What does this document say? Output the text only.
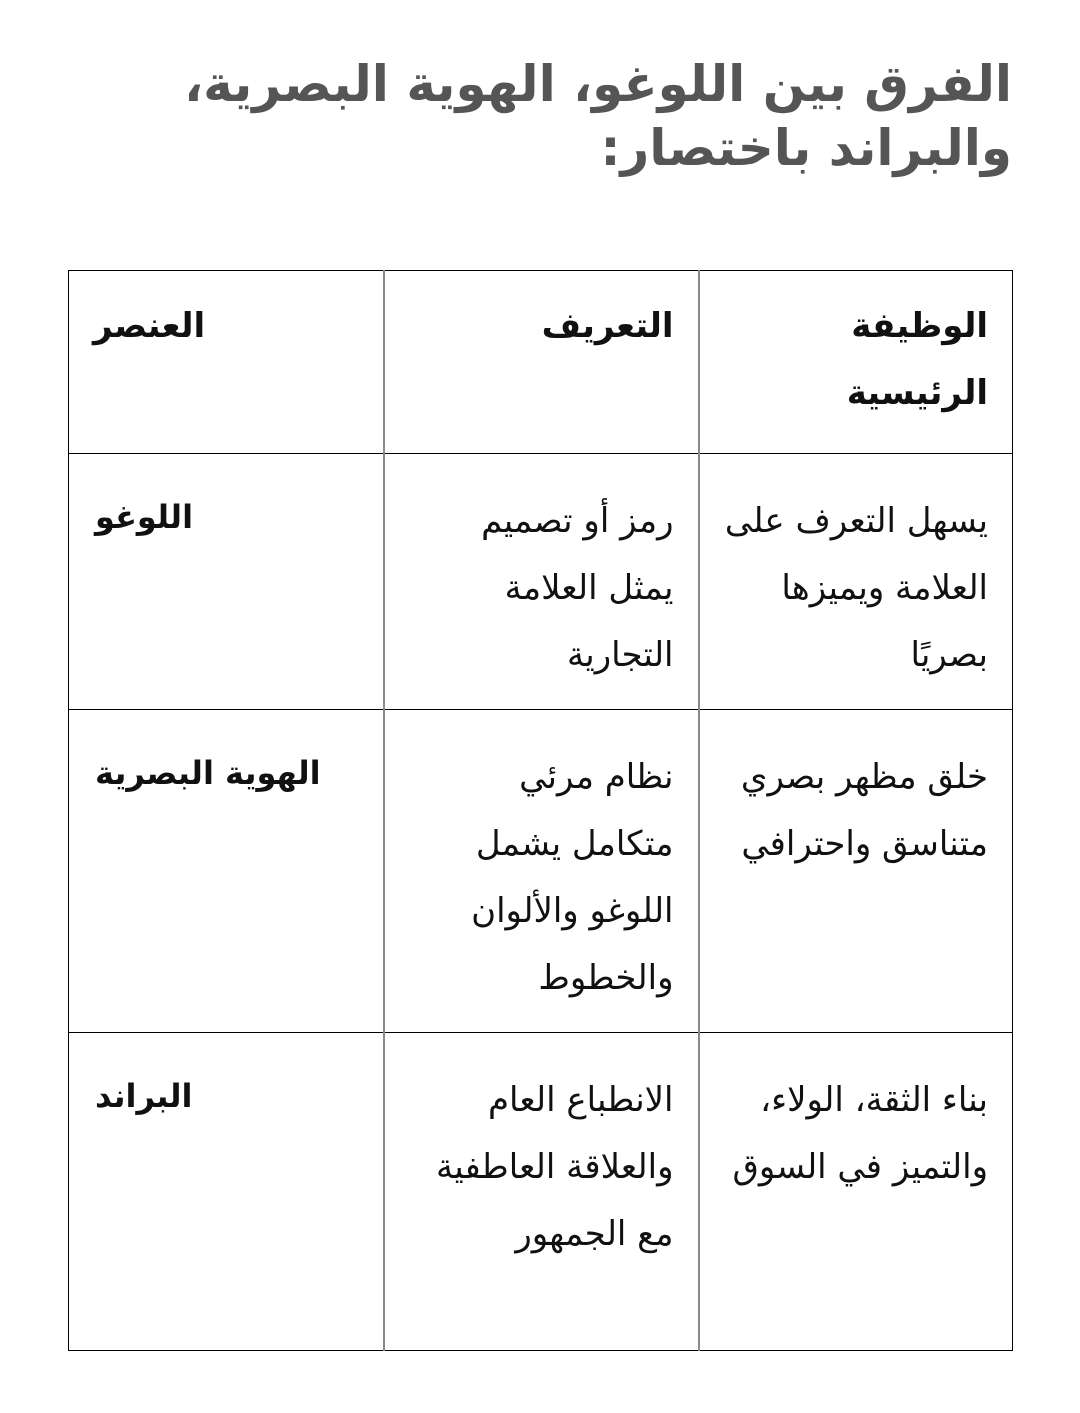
الفرق بين اللوغو، الهوية البصرية، والبراند باختصار:
الوظيفة الرئيسية	التعريف	العنصر
يسهل التعرف على العلامة ويميزها بصريًا	رمز أو تصميم يمثل العلامة التجارية	اللوغو
خلق مظهر بصري متناسق واحترافي	نظام مرئي متكامل يشمل اللوغو والألوان والخطوط	الهوية البصرية
بناء الثقة، الولاء، والتميز في السوق	الانطباع العام والعلاقة العاطفية مع الجمهور	البراند
